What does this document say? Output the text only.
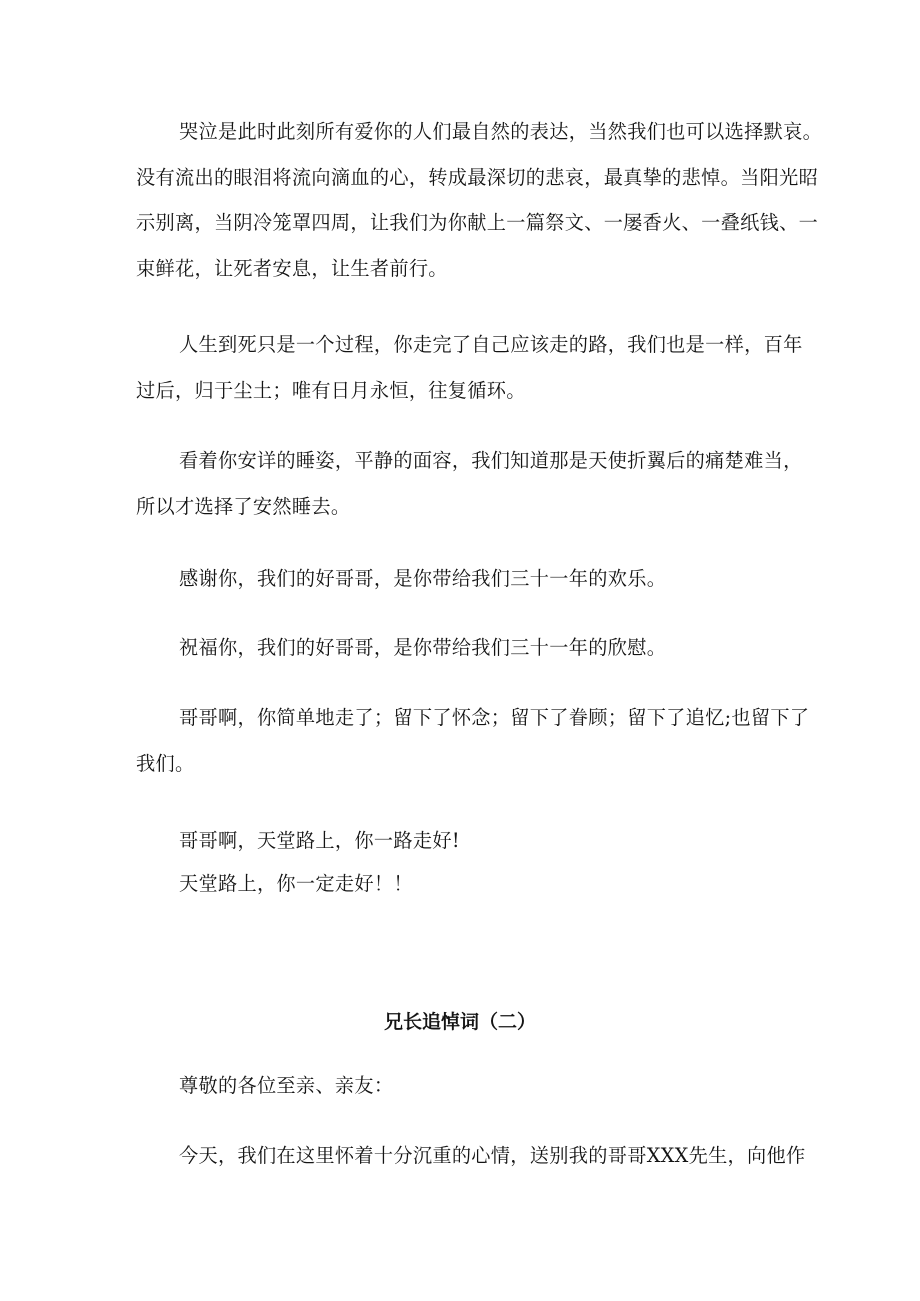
哭泣是此时此刻所有爱你的人们最自然的表达，当然我们也可以选择默哀。
没有流出的眼泪将流向滴血的心，转成最深切的悲哀，最真挚的悲悼。当阳光昭
示别离，当阴冷笼罩四周，让我们为你献上一篇祭文、一屡香火、一叠纸钱、一
束鲜花，让死者安息，让生者前行。

人生到死只是一个过程，你走完了自己应该走的路，我们也是一样，百年
过后，归于尘土；唯有日月永恒，往复循环。

看着你安详的睡姿，平静的面容，我们知道那是天使折翼后的痛楚难当，
所以才选择了安然睡去。

感谢你，我们的好哥哥，是你带给我们三十一年的欢乐。

祝福你，我们的好哥哥，是你带给我们三十一年的欣慰。

哥哥啊，你简单地走了；留下了怀念；留下了眷顾；留下了追忆;也留下了
我们。

哥哥啊，天堂路上，你一路走好!

天堂路上，你一定走好！！

兄长追悼词（二）

尊敬的各位至亲、亲友：

今天，我们在这里怀着十分沉重的心情，送别我的哥哥XXX先生，向他作
